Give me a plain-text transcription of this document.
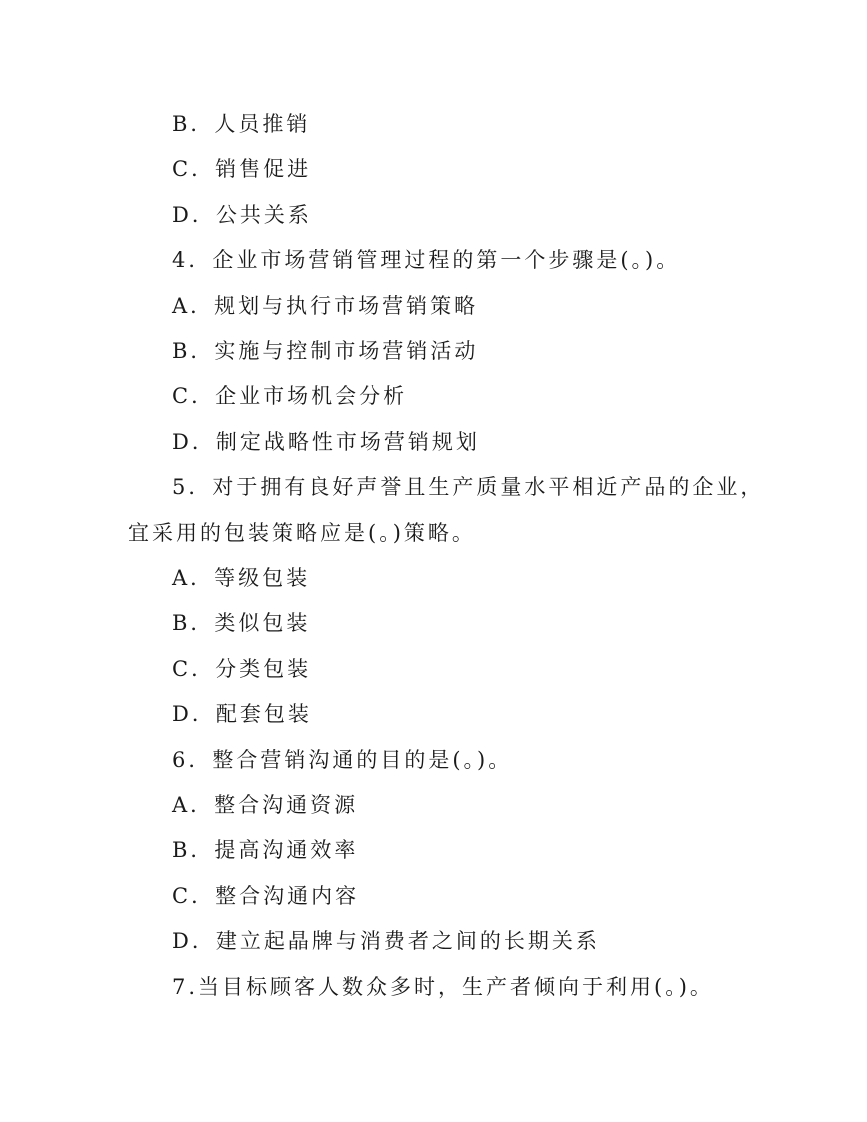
B．人员推销
C．销售促进
D．公共关系
4．企业市场营销管理过程的第一个步骤是(。)。
A．规划与执行市场营销策略
B．实施与控制市场营销活动
C．企业市场机会分析
D．制定战略性市场营销规划
5．对于拥有良好声誉且生产质量水平相近产品的企业，
宜采用的包装策略应是(。)策略。
A．等级包装
B．类似包装
C．分类包装
D．配套包装
6．整合营销沟通的目的是(。)。
A．整合沟通资源
B．提高沟通效率
C．整合沟通内容
D．建立起晶牌与消费者之间的长期关系
7.当目标顾客人数众多时，生产者倾向于利用(。)。
